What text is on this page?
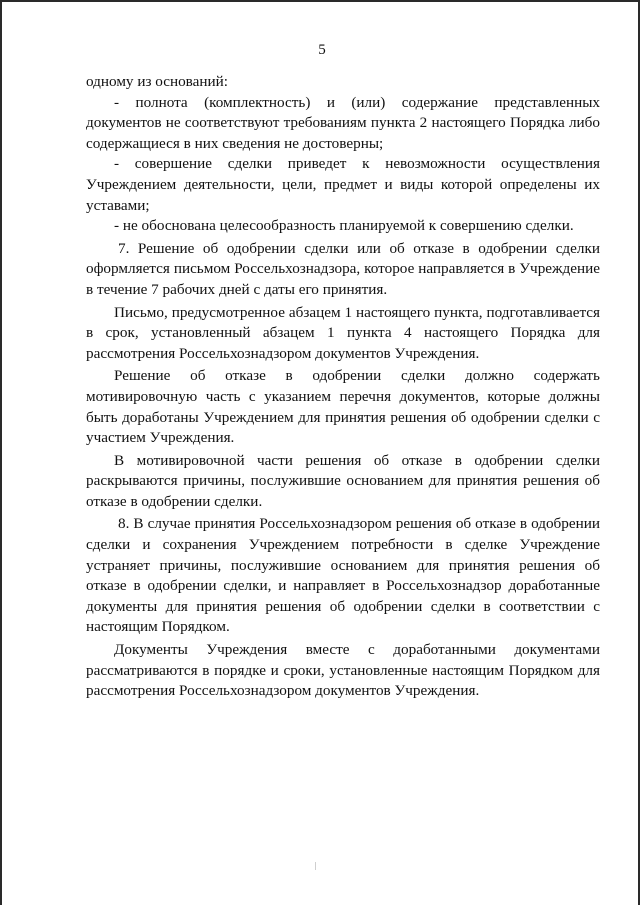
5

одному из оснований:

- полнота (комплектность) и (или) содержание представленных документов не соответствуют требованиям пункта 2 настоящего Порядка либо содержащиеся в них сведения не достоверны;

- совершение сделки приведет к невозможности осуществления Учреждением деятельности, цели, предмет и виды которой определены их уставами;

- не обоснована целесообразность планируемой к совершению сделки.

7. Решение об одобрении сделки или об отказе в одобрении сделки оформляется письмом Россельхознадзора, которое направляется в Учреждение в течение 7 рабочих дней с даты его принятия.

Письмо, предусмотренное абзацем 1 настоящего пункта, подготавливается в срок, установленный абзацем 1 пункта 4 настоящего Порядка для рассмотрения Россельхознадзором документов Учреждения.

Решение об отказе в одобрении сделки должно содержать мотивировочную часть с указанием перечня документов, которые должны быть доработаны Учреждением для принятия решения об одобрении сделки с участием Учреждения.

В мотивировочной части решения об отказе в одобрении сделки раскрываются причины, послужившие основанием для принятия решения об отказе в одобрении сделки.

8. В случае принятия Россельхознадзором решения об отказе в одобрении сделки и сохранения Учреждением потребности в сделке Учреждение устраняет причины, послужившие основанием для принятия решения об отказе в одобрении сделки, и направляет в Россельхознадзор доработанные документы для принятия решения об одобрении сделки в соответствии с настоящим Порядком.

Документы Учреждения вместе с доработанными документами рассматриваются в порядке и сроки, установленные настоящим Порядком для рассмотрения Россельхознадзором документов Учреждения.
